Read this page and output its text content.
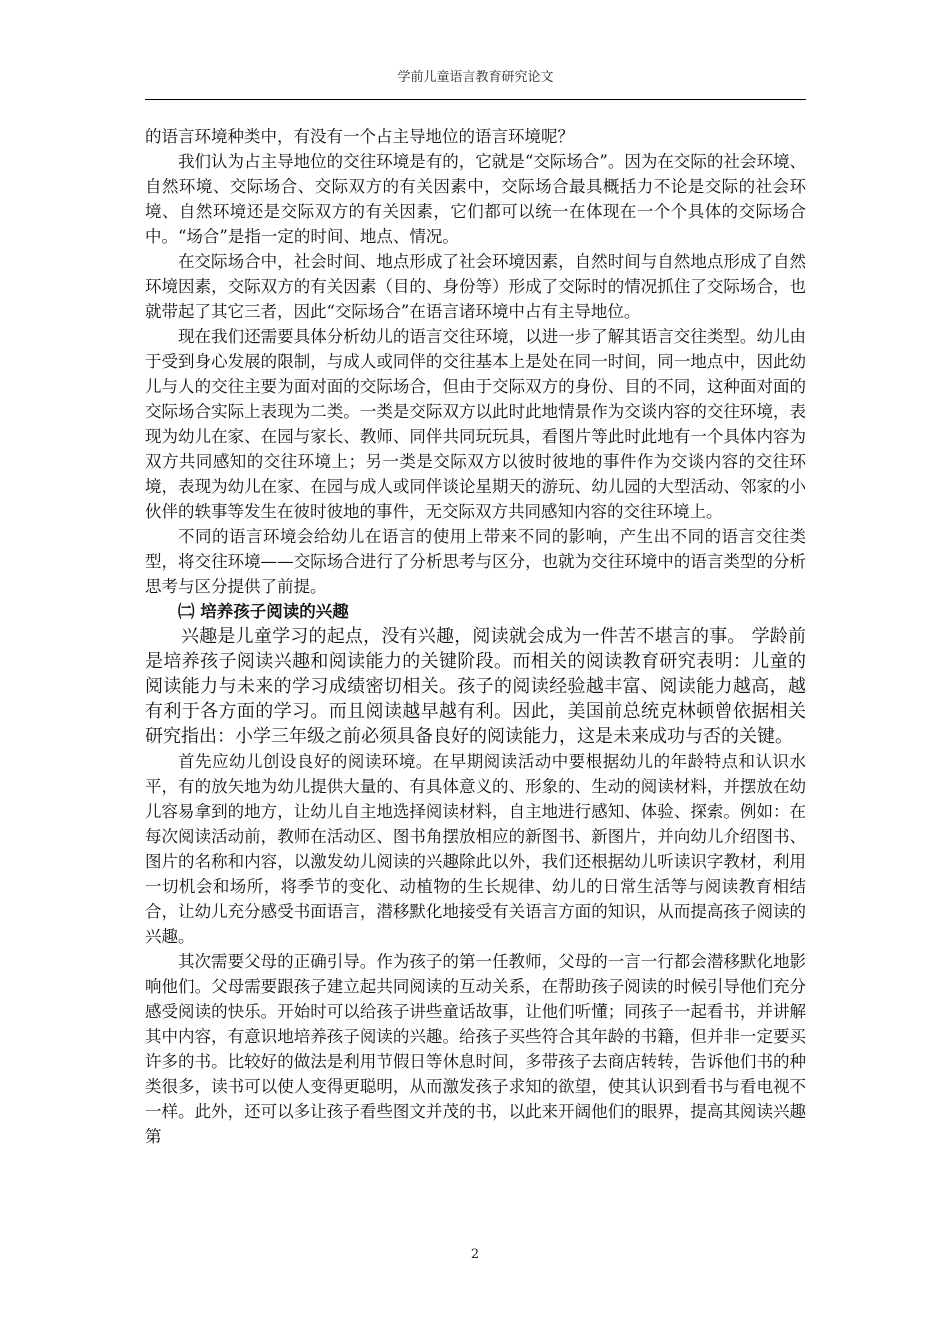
学前儿童语言教育研究论文

的语言环境种类中，有没有一个占主导地位的语言环境呢？

我们认为占主导地位的交往环境是有的，它就是“交际场合”。因为在交际的社会环境、自然环境、交际场合、交际双方的有关因素中，交际场合最具概括力不论是交际的社会环境、自然环境还是交际双方的有关因素，它们都可以统一在体现在一个个具体的交际场合中。“场合”是指一定的时间、地点、情况。

在交际场合中，社会时间、地点形成了社会环境因素，自然时间与自然地点形成了自然环境因素，交际双方的有关因素（目的、身份等）形成了交际时的情况抓住了交际场合，也就带起了其它三者，因此“交际场合”在语言诸环境中占有主导地位。

现在我们还需要具体分析幼儿的语言交往环境，以进一步了解其语言交往类型。幼儿由于受到身心发展的限制，与成人或同伴的交往基本上是处在同一时间，同一地点中，因此幼儿与人的交往主要为面对面的交际场合，但由于交际双方的身份、目的不同，这种面对面的交际场合实际上表现为二类。一类是交际双方以此时此地情景作为交谈内容的交往环境，表现为幼儿在家、在园与家长、教师、同伴共同玩玩具，看图片等此时此地有一个具体内容为双方共同感知的交往环境上；另一类是交际双方以彼时彼地的事件作为交谈内容的交往环境，表现为幼儿在家、在园与成人或同伴谈论星期天的游玩、幼儿园的大型活动、邻家的小伙伴的轶事等发生在彼时彼地的事件，无交际双方共同感知内容的交往环境上。

不同的语言环境会给幼儿在语言的使用上带来不同的影响，产生出不同的语言交往类型，将交往环境——交际场合进行了分析思考与区分，也就为交往环境中的语言类型的分析思考与区分提供了前提。

㈡ 培养孩子阅读的兴趣

兴趣是儿童学习的起点，没有兴趣，阅读就会成为一件苦不堪言的事。 学龄前是培养孩子阅读兴趣和阅读能力的关键阶段。而相关的阅读教育研究表明：儿童的阅读能力与未来的学习成绩密切相关。孩子的阅读经验越丰富、阅读能力越高，越有利于各方面的学习。而且阅读越早越有利。因此，美国前总统克林顿曾依据相关研究指出：小学三年级之前必须具备良好的阅读能力，这是未来成功与否的关键。

首先应幼儿创设良好的阅读环境。在早期阅读活动中要根据幼儿的年龄特点和认识水平，有的放矢地为幼儿提供大量的、有具体意义的、形象的、生动的阅读材料，并摆放在幼儿容易拿到的地方，让幼儿自主地选择阅读材料，自主地进行感知、体验、探索。例如：在每次阅读活动前，教师在活动区、图书角摆放相应的新图书、新图片，并向幼儿介绍图书、图片的名称和内容，以激发幼儿阅读的兴趣除此以外，我们还根据幼儿听读识字教材，利用一切机会和场所，将季节的变化、动植物的生长规律、幼儿的日常生活等与阅读教育相结合，让幼儿充分感受书面语言，潜移默化地接受有关语言方面的知识，从而提高孩子阅读的兴趣。

其次需要父母的正确引导。作为孩子的第一任教师，父母的一言一行都会潜移默化地影响他们。父母需要跟孩子建立起共同阅读的互动关系，在帮助孩子阅读的时候引导他们充分感受阅读的快乐。开始时可以给孩子讲些童话故事，让他们听懂；同孩子一起看书，并讲解其中内容，有意识地培养孩子阅读的兴趣。给孩子买些符合其年龄的书籍，但并非一定要买许多的书。比较好的做法是利用节假日等休息时间，多带孩子去商店转转，告诉他们书的种类很多，读书可以使人变得更聪明，从而激发孩子求知的欲望，使其认识到看书与看电视不一样。此外，还可以多让孩子看些图文并茂的书，以此来开阔他们的眼界，提高其阅读兴趣 第

2
